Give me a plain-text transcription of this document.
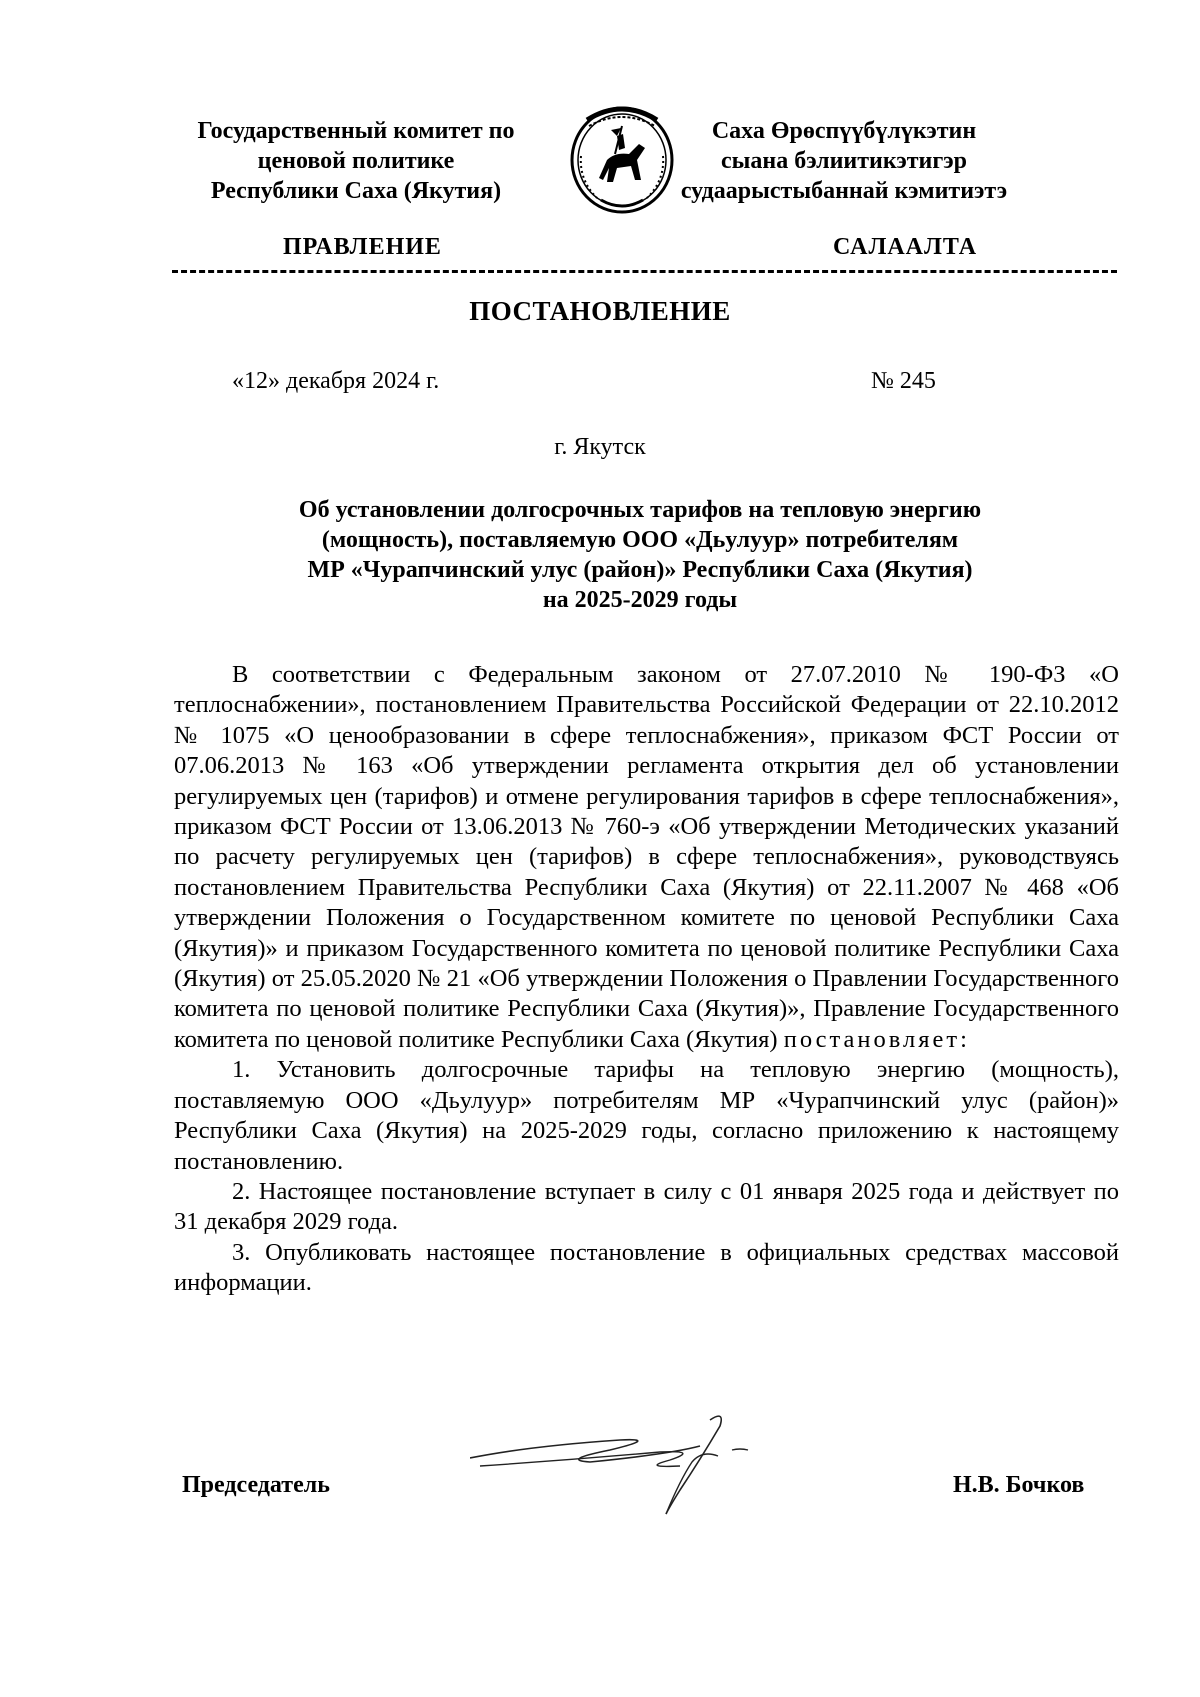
Государственный комитет по
ценовой политике
Республики Саха (Якутия)
Саха Өрөспүүбүлүкэтин
сыана бэлиитикэтигэр
судаарыстыбаннай кэмитиэтэ
ПРАВЛЕНИЕ	САЛААЛТА
ПОСТАНОВЛЕНИЕ
«12» декабря 2024 г.	№ 245
г. Якутск
Об установлении долгосрочных тарифов на тепловую энергию
(мощность), поставляемую ООО «Дьулуур» потребителям
МР «Чурапчинский улус (район)» Республики Саха (Якутия)
на 2025-2029 годы

В соответствии с Федеральным законом от 27.07.2010 № 190-ФЗ «О теплоснабжении», постановлением Правительства Российской Федерации от 22.10.2012 № 1075 «О ценообразовании в сфере теплоснабжения», приказом ФСТ России от 07.06.2013 № 163 «Об утверждении регламента открытия дел об установлении регулируемых цен (тарифов) и отмене регулирования тарифов в сфере теплоснабжения», приказом ФСТ России от 13.06.2013 № 760-э «Об утверждении Методических указаний по расчету регулируемых цен (тарифов) в сфере теплоснабжения», руководствуясь постановлением Правительства Республики Саха (Якутия) от 22.11.2007 № 468 «Об утверждении Положения о Государственном комитете по ценовой Республики Саха (Якутия)» и приказом Государственного комитета по ценовой политике Республики Саха (Якутия) от 25.05.2020 № 21 «Об утверждении Положения о Правлении Государственного комитета по ценовой политике Республики Саха (Якутия)», Правление Государственного комитета по ценовой политике Республики Саха (Якутия) постановляет:

1. Установить долгосрочные тарифы на тепловую энергию (мощность), поставляемую ООО «Дьулуур» потребителям МР «Чурапчинский улус (район)» Республики Саха (Якутия) на 2025-2029 годы, согласно приложению к настоящему постановлению.

2. Настоящее постановление вступает в силу с 01 января 2025 года и действует по 31 декабря 2029 года.

3. Опубликовать настоящее постановление в официальных средствах массовой информации.

Председатель	Н.В. Бочков
